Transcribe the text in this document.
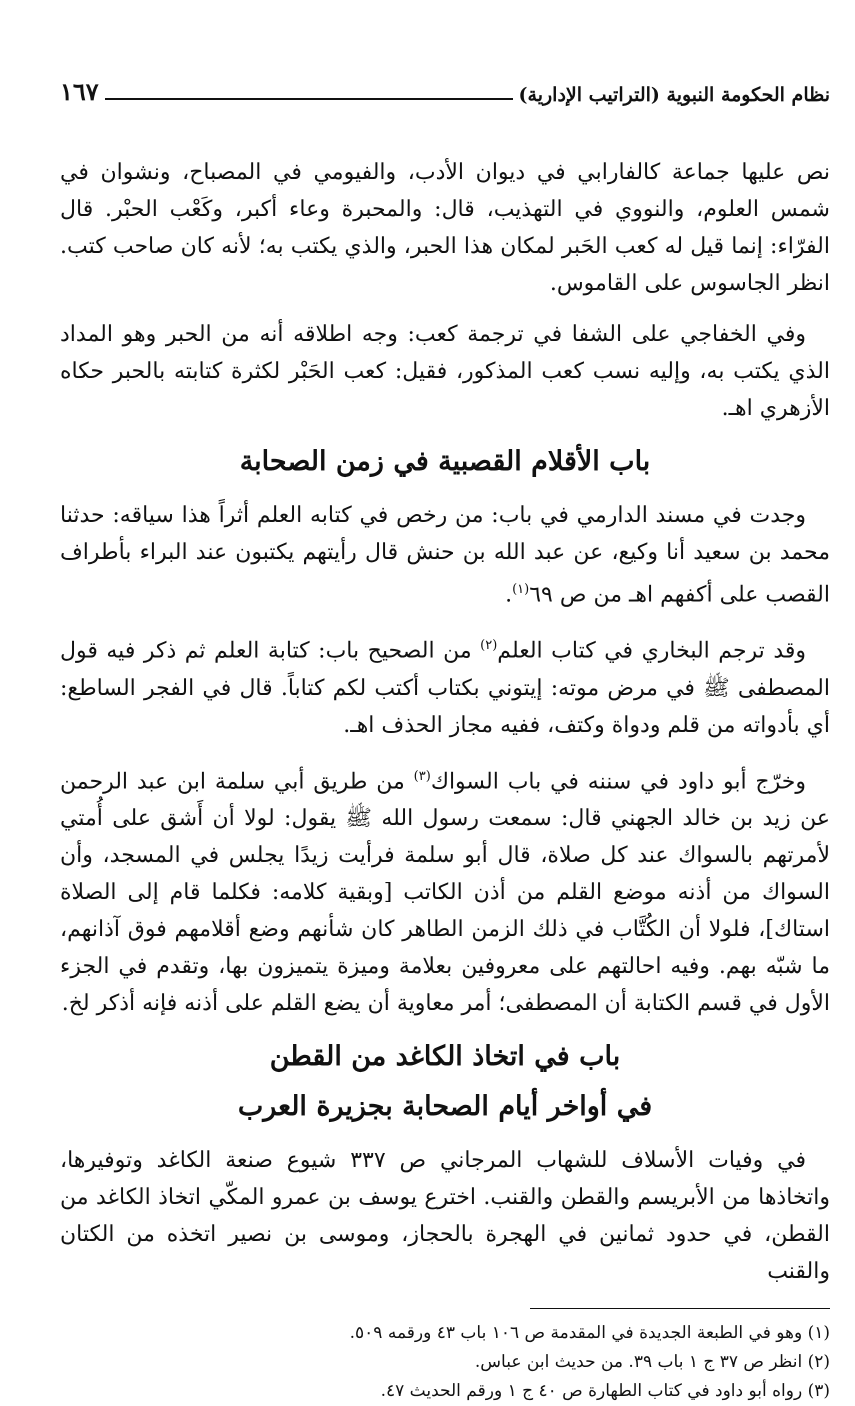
نظام الحكومة النبوية (التراتيب الإدارية)
١٦٧

نص عليها جماعة كالفارابي في ديوان الأدب، والفيومي في المصباح، ونشوان في شمس العلوم، والنووي في التهذيب، قال: والمحبرة وعاء أكبر، وكَعْب الحبْر. قال الفرّاء: إنما قيل له كعب الحَبر لمكان هذا الحبر، والذي يكتب به؛ لأنه كان صاحب كتب. انظر الجاسوس على القاموس.

وفي الخفاجي على الشفا في ترجمة كعب: وجه اطلاقه أنه من الحبر وهو المداد الذي يكتب به، وإليه نسب كعب المذكور، فقيل: كعب الحَبْر لكثرة كتابته بالحبر حكاه الأزهري اهـ.

باب الأقلام القصبية في زمن الصحابة

وجدت في مسند الدارمي في باب: من رخص في كتابه العلم أثراً هذا سياقه: حدثنا محمد بن سعيد أنا وكيع، عن عبد الله بن حنش قال رأيتهم يكتبون عند البراء بأطراف القصب على أكفهم اهـ من ص ٦٩$^{(١)}$.

وقد ترجم البخاري في كتاب العلم$^{(٢)}$ من الصحيح باب: كتابة العلم ثم ذكر فيه قول المصطفى ﷺ في مرض موته: إيتوني بكتاب أكتب لكم كتاباً. قال في الفجر الساطع: أي بأدواته من قلم ودواة وكتف، ففيه مجاز الحذف اهـ.

وخرّج أبو داود في سننه في باب السواك$^{(٣)}$ من طريق أبي سلمة ابن عبد الرحمن عن زيد بن خالد الجهني قال: سمعت رسول الله ﷺ يقول: لولا أن أَشق على أُمتي لأمرتهم بالسواك عند كل صلاة، قال أبو سلمة فرأيت زيدًا يجلس في المسجد، وأن السواك من أذنه موضع القلم من أذن الكاتب [وبقية كلامه: فكلما قام إلى الصلاة استاك]، فلولا أن الكُتَّاب في ذلك الزمن الطاهر كان شأنهم وضع أقلامهم فوق آذانهم، ما شبّه بهم. وفيه احالتهم على معروفين بعلامة وميزة يتميزون بها، وتقدم في الجزء الأول في قسم الكتابة أن المصطفى؛ أمر معاوية أن يضع القلم على أذنه فإنه أذكر لخ.

باب في اتخاذ الكاغد من القطن
في أواخر أيام الصحابة بجزيرة العرب

في وفيات الأسلاف للشهاب المرجاني ص ٣٣٧ شيوع صنعة الكاغد وتوفيرها، واتخاذها من الأبريسم والقطن والقنب. اخترع يوسف بن عمرو المكّي اتخاذ الكاغد من القطن، في حدود ثمانين في الهجرة بالحجاز، وموسى بن نصير اتخذه من الكتان والقنب

(١) وهو في الطبعة الجديدة في المقدمة ص ١٠٦ باب ٤٣ ورقمه ٥٠٩.

(٢) انظر ص ٣٧ ج ١ باب ٣٩. من حديث ابن عباس.

(٣) رواه أبو داود في كتاب الطهارة ص ٤٠ ج ١ ورقم الحديث ٤٧.
